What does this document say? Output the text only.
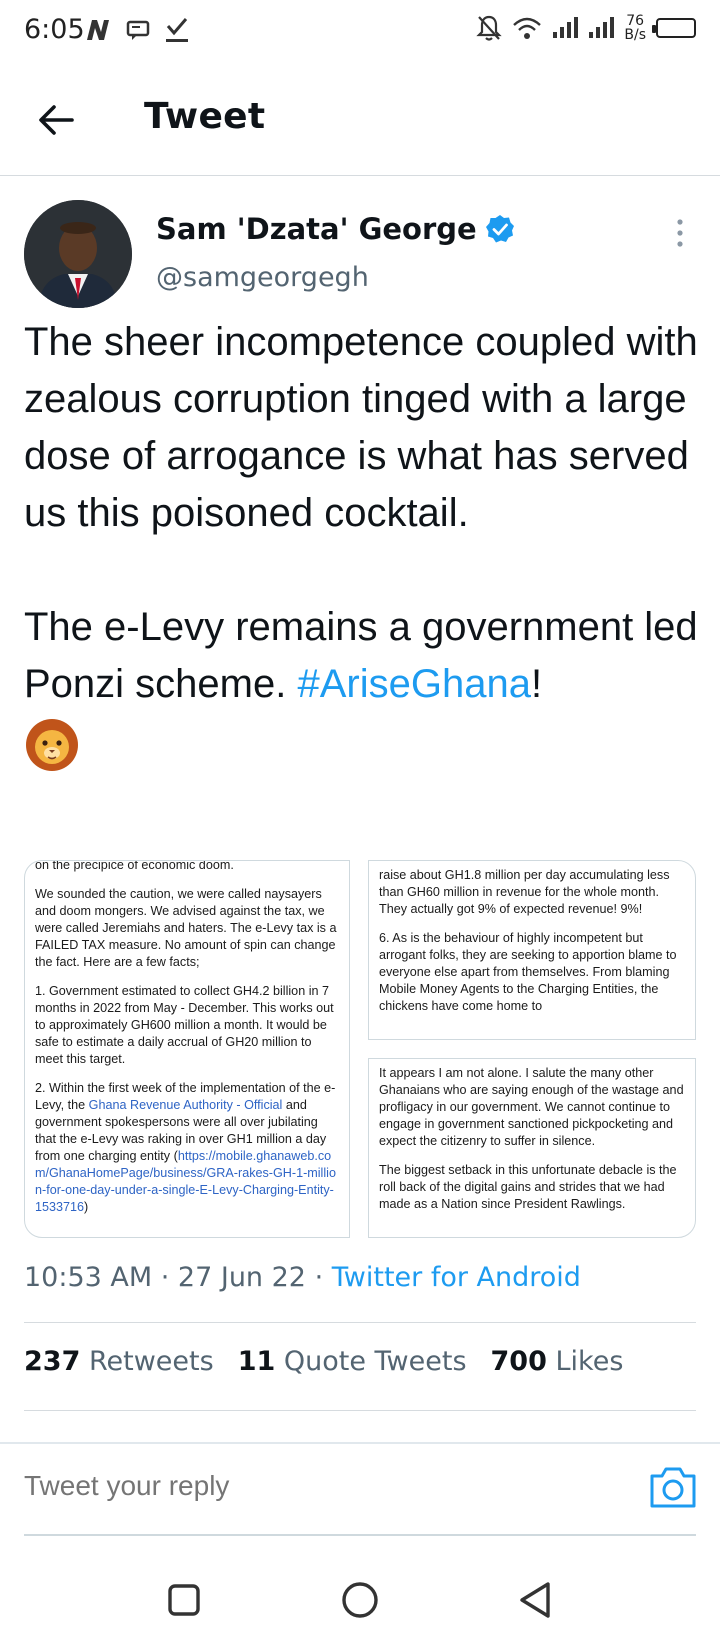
6:05	76
B/s
Tweet
Sam 'Dzata' George
@samgeorgegh

The sheer incompetence coupled with zealous corruption tinged with a large dose of arrogance is what has served us this poisoned cocktail.

The e-Levy remains a government led Ponzi scheme. #AriseGhana!

on the precipice of economic doom.

We sounded the caution, we were called naysayers and doom mongers. We advised against the tax, we were called Jeremiahs and haters. The e-Levy tax is a FAILED TAX measure. No amount of spin can change the fact. Here are a few facts;

1. Government estimated to collect GH4.2 billion in 7 months in 2022 from May - December. This works out to approximately GH600 million a month. It would be safe to estimate a daily accrual of GH20 million to meet this target.

2. Within the first week of the implementation of the e-Levy, the Ghana Revenue Authority - Official and government spokespersons were all over jubilating that the e-Levy was raking in over GH1 million a day from one charging entity (https://mobile.ghanaweb.com/GhanaHomePage/business/GRA-rakes-GH-1-million-for-one-day-under-a-single-E-Levy-Charging-Entity-1533716)

raise about GH1.8 million per day accumulating less than GH60 million in revenue for the whole month. They actually got 9% of expected revenue! 9%!

6. As is the behaviour of highly incompetent but arrogant folks, they are seeking to apportion blame to everyone else apart from themselves. From blaming Mobile Money Agents to the Charging Entities, the chickens have come home to

It appears I am not alone. I salute the many other Ghanaians who are saying enough of the wastage and profligacy in our government. We cannot continue to engage in government sanctioned pickpocketing and expect the citizenry to suffer in silence.

The biggest setback in this unfortunate debacle is the roll back of the digital gains and strides that we had made as a Nation since President Rawlings.

10:53 AM · 27 Jun 22 · Twitter for Android
237 Retweets 11 Quote Tweets 700 Likes
Tweet your reply
